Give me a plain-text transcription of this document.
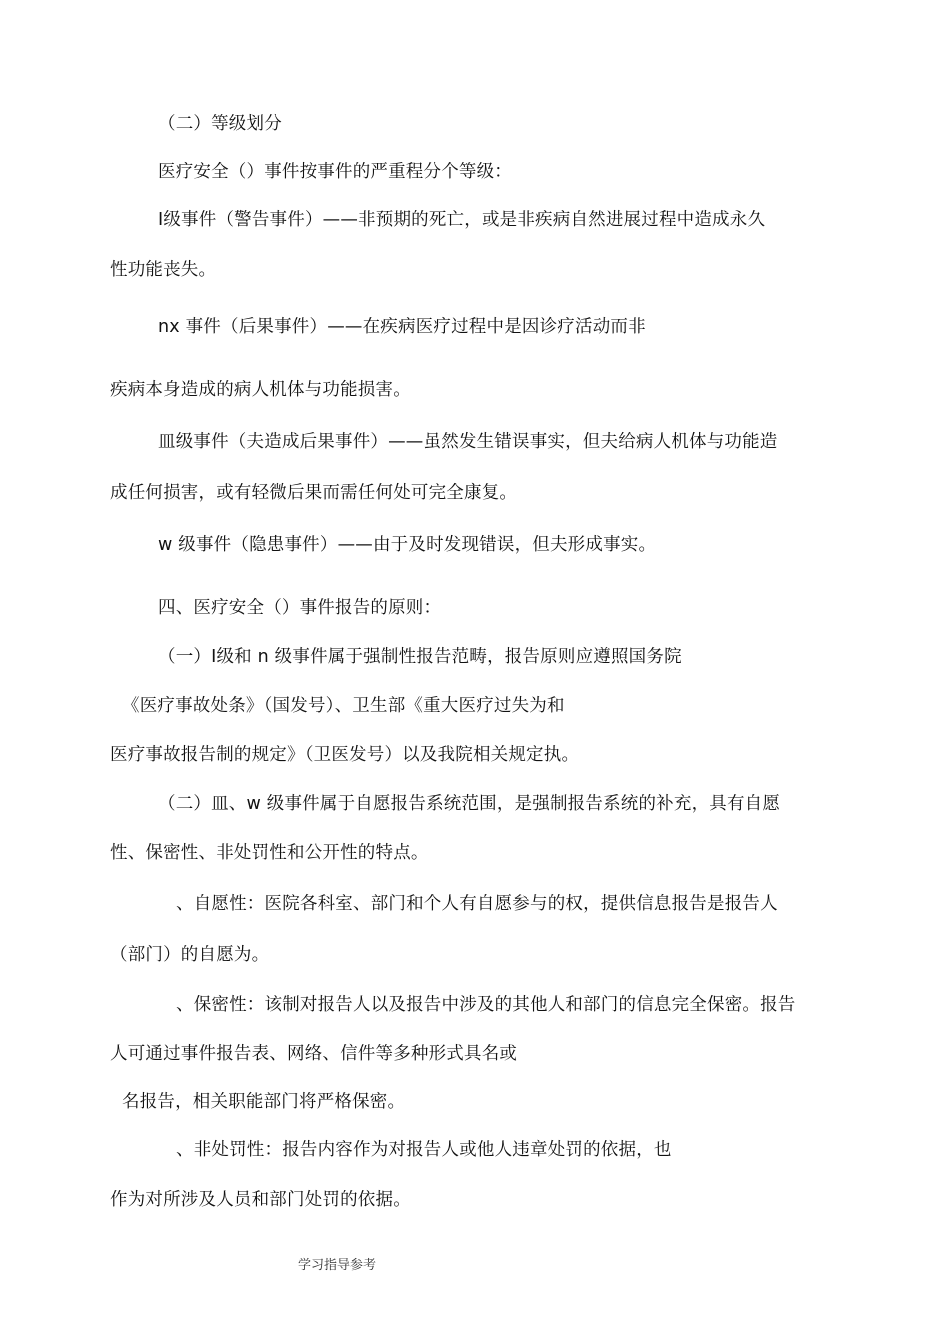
（二）等级划分
医疗安全（）事件按事件的严重程分个等级：
Ⅰ级事件（警告事件）——非预期的死亡，或是非疾病自然进展过程中造成永久
性功能丧失。
nx 事件（后果事件）——在疾病医疗过程中是因诊疗活动而非
疾病本身造成的病人机体与功能损害。
皿级事件（夫造成后果事件）——虽然发生错误事实，但夫给病人机体与功能造
成任何损害，或有轻微后果而需任何处可完全康复。
w 级事件（隐患事件）——由于及时发现错误，但夫形成事实。
四、医疗安全（）事件报告的原则：
（一）Ⅰ级和 n 级事件属于强制性报告范畴，报告原则应遵照国务院
《医疗事故处条》（国发号）、卫生部《重大医疗过失为和
医疗事故报告制的规定》（卫医发号）以及我院相关规定执。
（二）皿、w 级事件属于自愿报告系统范围，是强制报告系统的补充，具有自愿
性、保密性、非处罚性和公开性的特点。
、自愿性：医院各科室、部门和个人有自愿参与的权，提供信息报告是报告人
（部门）的自愿为。
、保密性：该制对报告人以及报告中涉及的其他人和部门的信息完全保密。报告
人可通过事件报告表、网络、信件等多种形式具名或
名报告，相关职能部门将严格保密。
、非处罚性：报告内容作为对报告人或他人违章处罚的依据，也
作为对所涉及人员和部门处罚的依据。
学习指导参考
